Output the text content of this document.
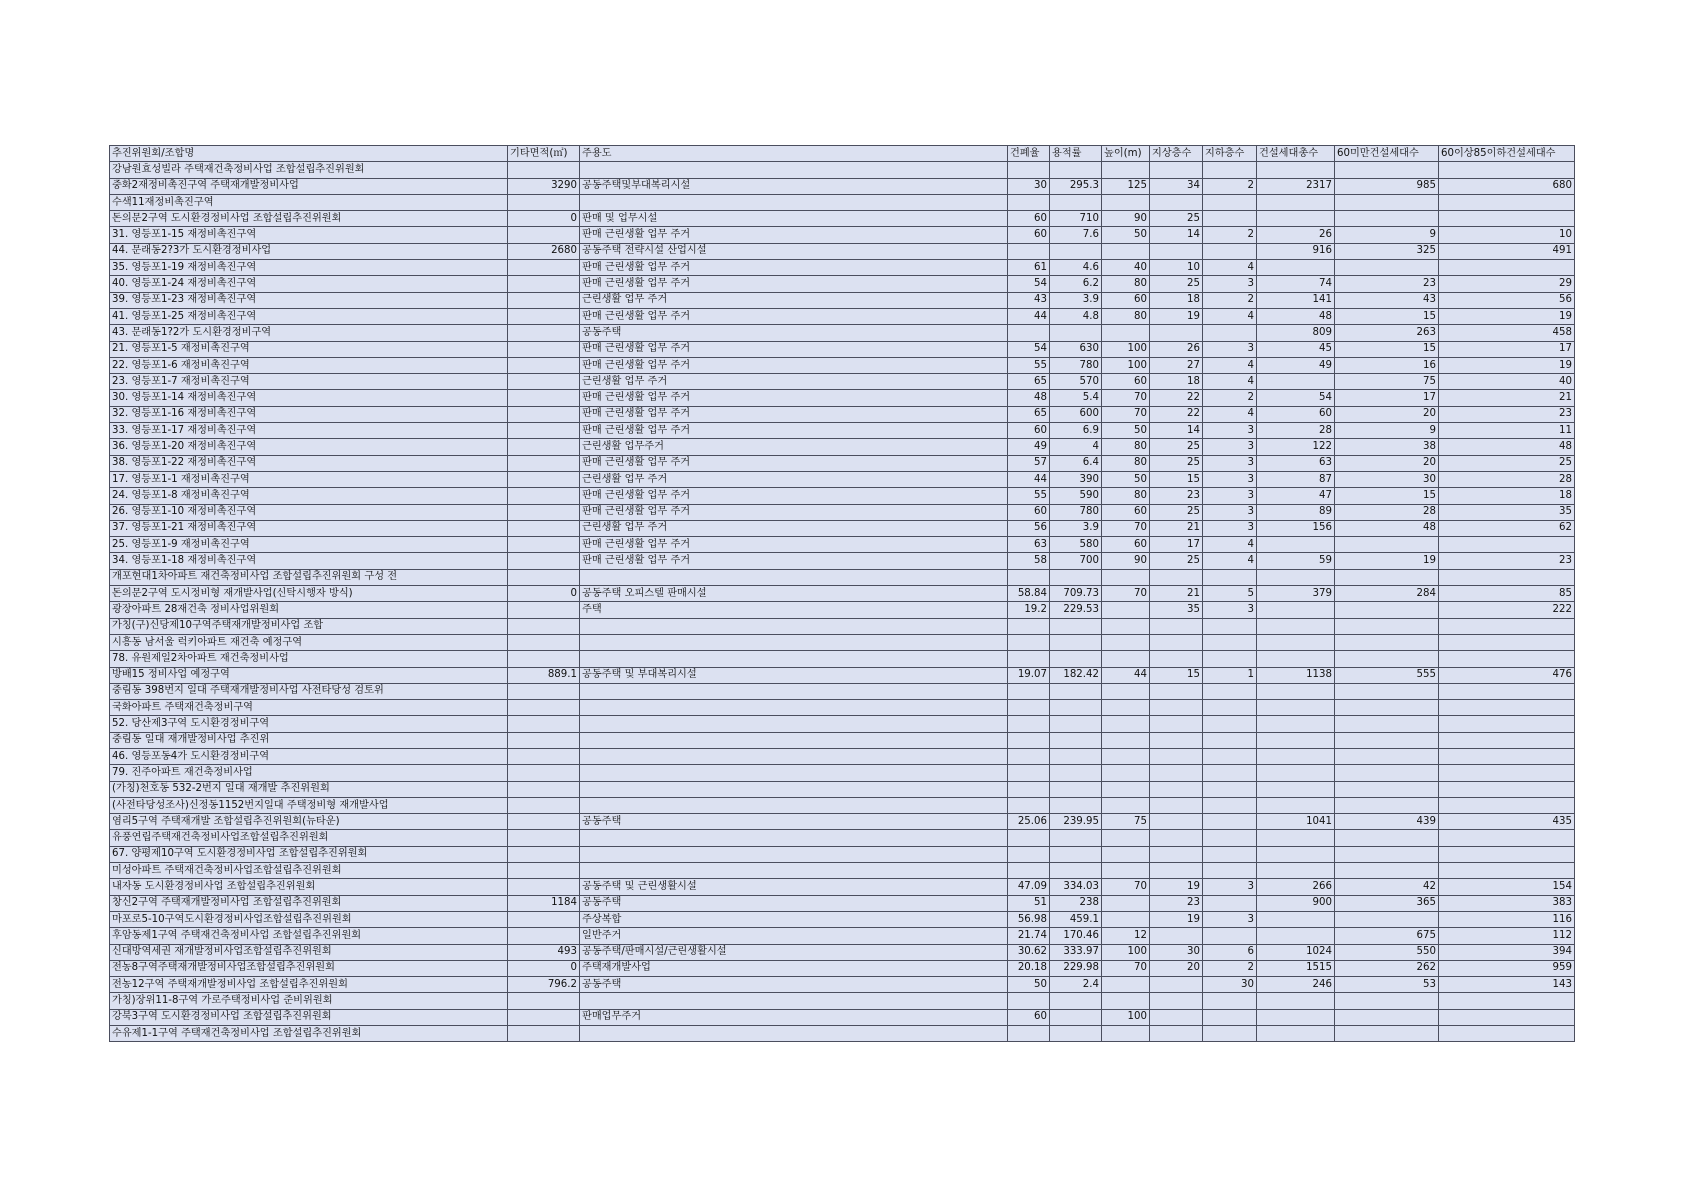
추진위원회/조합명	기타면적(㎡)	주용도	건폐율	용적률	높이(m)	지상층수	지하층수	건설세대총수	60미만건설세대수	60이상85이하건설세대수
강남원효성빌라 주택재건축정비사업 조합설립추진위원회										
중화2재정비촉진구역 주택재개발정비사업	3290	공동주택및부대복리시설	30	295.3	125	34	2	2317	985	680
수색11재정비촉진구역										
돈의문2구역 도시환경정비사업 조합설립추진위원회	0	판매 및 업무시설	60	710	90	25				
31. 영등포1-15 재정비촉진구역		판매 근린생활 업무 주거	60	7.6	50	14	2	26	9	10
44. 문래동2?3가 도시환경정비사업	2680	공동주택 전략시설 산업시설						916	325	491
35. 영등포1-19 재정비촉진구역		판매 근린생활 업무 주거	61	4.6	40	10	4			
40. 영등포1-24 재정비촉진구역		판매 근린생활 업무 주거	54	6.2	80	25	3	74	23	29
39. 영등포1-23 재정비촉진구역		근린생활 업무 주거	43	3.9	60	18	2	141	43	56
41. 영등포1-25 재정비촉진구역		판매 근린생활 업무 주거	44	4.8	80	19	4	48	15	19
43. 문래동1?2가 도시환경정비구역		공동주택						809	263	458
21. 영등포1-5 재정비촉진구역		판매 근린생활 업무 주거	54	630	100	26	3	45	15	17
22. 영등포1-6 재정비촉진구역		판매 근린생활 업무 주거	55	780	100	27	4	49	16	19
23. 영등포1-7 재정비촉진구역		근린생활 업무 주거	65	570	60	18	4		75	40
30. 영등포1-14 재정비촉진구역		판매 근린생활 업무 주거	48	5.4	70	22	2	54	17	21
32. 영등포1-16 재정비촉진구역		판매 근린생활 업무 주거	65	600	70	22	4	60	20	23
33. 영등포1-17 재정비촉진구역		판매 근린생활 업무 주거	60	6.9	50	14	3	28	9	11
36. 영등포1-20 재정비촉진구역		근린생활 업무주거	49	4	80	25	3	122	38	48
38. 영등포1-22 재정비촉진구역		판매 근린생활 업무 주거	57	6.4	80	25	3	63	20	25
17. 영등포1-1 재정비촉진구역		근린생활 업무 주거	44	390	50	15	3	87	30	28
24. 영등포1-8 재정비촉진구역		판매 근린생활 업무 주거	55	590	80	23	3	47	15	18
26. 영등포1-10 재정비촉진구역		판매 근린생활 업무 주거	60	780	60	25	3	89	28	35
37. 영등포1-21 재정비촉진구역		근린생활 업무 주거	56	3.9	70	21	3	156	48	62
25. 영등포1-9 재정비촉진구역		판매 근린생활 업무 주거	63	580	60	17	4			
34. 영등포1-18 재정비촉진구역		판매 근린생활 업무 주거	58	700	90	25	4	59	19	23
개포현대1차아파트 재건축정비사업 조합설립추진위원회 구성 전										
돈의문2구역 도시정비형 재개발사업(신탁시행자 방식)	0	공동주택 오피스텔 판매시설	58.84	709.73	70	21	5	379	284	85
광장아파트 28재건축 정비사업위원회		주택	19.2	229.53		35	3			222
가칭(구)신당제10구역주택재개발정비사업 조합										
시흥동 남서울 럭키아파트 재건축 예정구역										
78. 유원제일2차아파트 재건축정비사업										
방배15 정비사업 예정구역	889.1	공동주택 및 부대복리시설	19.07	182.42	44	15	1	1138	555	476
중림동 398번지 일대 주택재개발정비사업 사전타당성 검토위										
국화아파트 주택재건축정비구역										
52. 당산제3구역 도시환경정비구역										
중림동 일대 재개발정비사업 추진위										
46. 영등포동4가 도시환경정비구역										
79. 진주아파트 재건축정비사업										
(가칭)천호동 532-2번지 일대 재개발 추진위원회										
(사전타당성조사)신정동1152번지일대 주택정비형 재개발사업										
염리5구역 주택재개발 조합설립추진위원회(뉴타운)		공동주택	25.06	239.95	75			1041	439	435
유풍연립주택재건축정비사업조합설립추진위원회										
67. 양평제10구역 도시환경정비사업 조합설립추진위원회										
미성아파트 주택재건축정비사업조합설립추진위원회										
내자동 도시환경정비사업 조합설립추진위원회		공동주택 및 근린생활시설	47.09	334.03	70	19	3	266	42	154
창신2구역 주택재개발정비사업 조합설립추진위원회	1184	공동주택	51	238		23		900	365	383
마포로5-10구역도시환경정비사업조합설립추진위원회		주상복합	56.98	459.1		19	3			116
후암동제1구역 주택재건축정비사업 조합설립추진위원회		일반주거	21.74	170.46	12				675	112
신대방역세권 재개발정비사업조합설립추진위원회	493	공동주택/판매시설/근린생활시설	30.62	333.97	100	30	6	1024	550	394
전농8구역주택재개발정비사업조합설립추진위원회	0	주택재개발사업	20.18	229.98	70	20	2	1515	262	959
전농12구역 주택재개발정비사업 조합설립추진위원회	796.2	공동주택	50	2.4			30	246	53	143
가칭)장위11-8구역 가로주택정비사업 준비위원회										
강북3구역 도시환경정비사업 조합설립추진위원회		판매업무주거	60		100					
수유제1-1구역 주택재건축정비사업 조합설립추진위원회										
